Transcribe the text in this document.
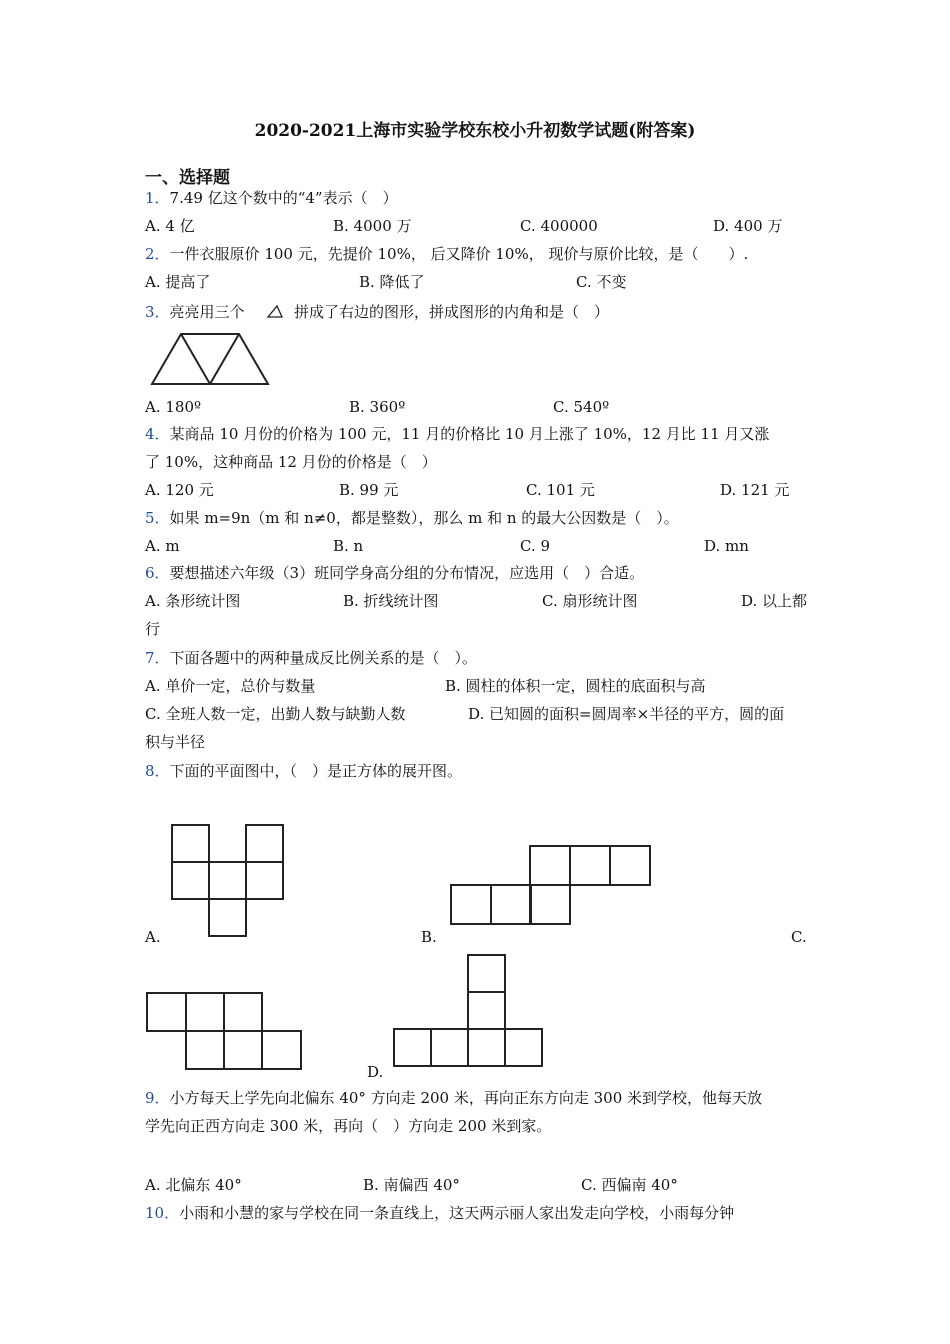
2020-2021上海市实验学校东校小升初数学试题(附答案)
一、选择题
1．7.49 亿这个数中的“4”表示（　）
A. 4 亿	B. 4000 万	C. 400000	D. 400 万
2．一件衣服原价 100 元，先提价 10%， 后又降价 10%， 现价与原价比较，是（　　）.
A. 提高了	B. 降低了	C. 不变
3．亮亮用三个	拼成了右边的图形，拼成图形的内角和是（　）
A. 180º	B. 360º	C. 540º
4．某商品 10 月份的价格为 100 元，11 月的价格比 10 月上涨了 10%，12 月比 11 月又涨
了 10%，这种商品 12 月份的价格是（　）
A. 120 元	B. 99 元	C. 101 元	D. 121 元
5．如果 m=9n（m 和 n≠0，都是整数），那么 m 和 n 的最大公因数是（　）。
A. m	B. n	C. 9	D. mn
6．要想描述六年级（3）班同学身高分组的分布情况，应选用（　）合适。
A. 条形统计图	B. 折线统计图	C. 扇形统计图	D. 以上都
行
7．下面各题中的两种量成反比例关系的是（　）。
A. 单价一定，总价与数量	B. 圆柱的体积一定，圆柱的底面积与高
C. 全班人数一定，出勤人数与缺勤人数	D. 已知圆的面积=圆周率×半径的平方，圆的面
积与半径
8．下面的平面图中，（　）是正方体的展开图。
A.	B.	C.
D.
9．小方每天上学先向北偏东 40° 方向走 200 米，再向正东方向走 300 米到学校，他每天放
学先向正西方向走 300 米，再向（　）方向走 200 米到家。
A. 北偏东 40°	B. 南偏西 40°	C. 西偏南 40°
10．小雨和小慧的家与学校在同一条直线上，这天两示丽人家出发走向学校，小雨每分钟
